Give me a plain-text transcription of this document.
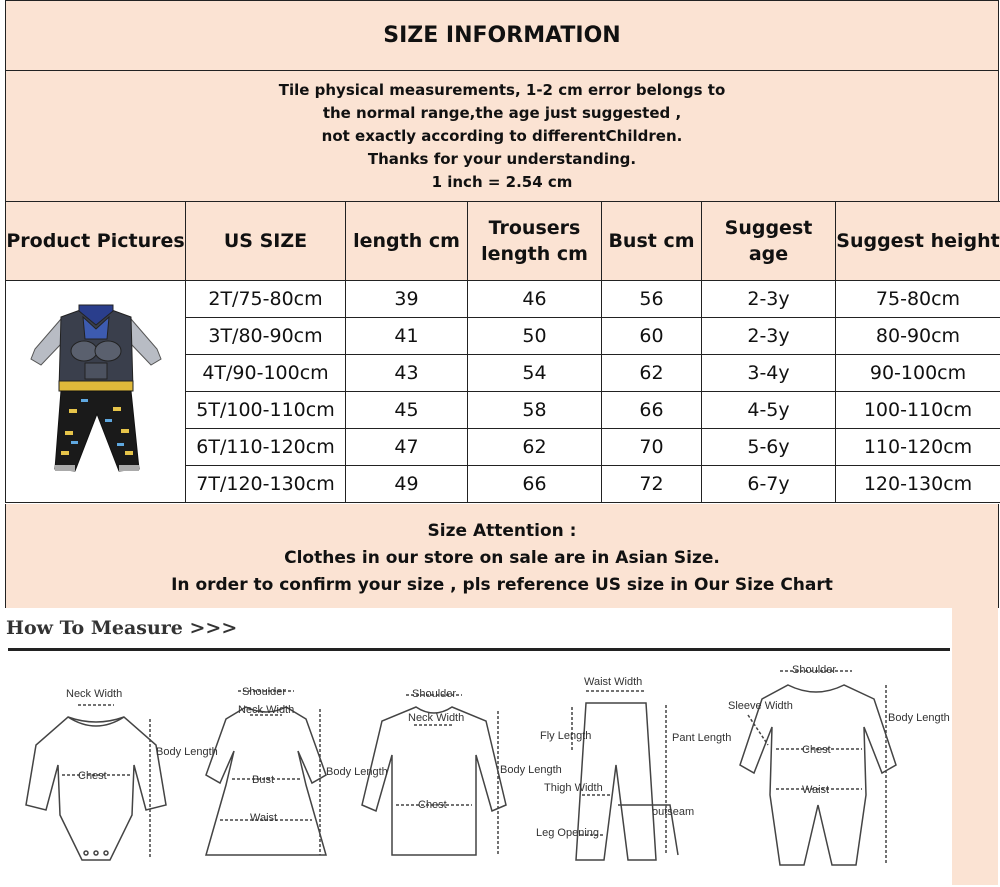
SIZE INFORMATION
Tile physical measurements, 1-2 cm error belongs to
the normal range,the age just suggested ,
not exactly according to differentChildren.
Thanks for your understanding.
1 inch = 2.54 cm
Product Pictures	US SIZE	length cm	Trousers length cm	Bust cm	Suggest age	Suggest height
	2T/75-80cm	39	46	56	2-3y	75-80cm
	3T/80-90cm	41	50	60	2-3y	80-90cm
	4T/90-100cm	43	54	62	3-4y	90-100cm
	5T/100-110cm	45	58	66	4-5y	100-110cm
	6T/110-120cm	47	62	70	5-6y	110-120cm
	7T/120-130cm	49	66	72	6-7y	120-130cm
Size Attention :
Clothes in our store on sale are in Asian Size.
In order to confirm your size , pls reference US size in Our Size Chart
How To Measure >>>
Neck Width
Body Length
Chest
Shoulder
Neck Width
Bust
Waist
Body Length
Shoulder
Neck Width
Chest
Body Length
Waist Width
Fly Length	Pant Length
Thigh Width
outseam
Leg Opening
Shoulder
Sleeve Width
Chest
Waist
Body Length
